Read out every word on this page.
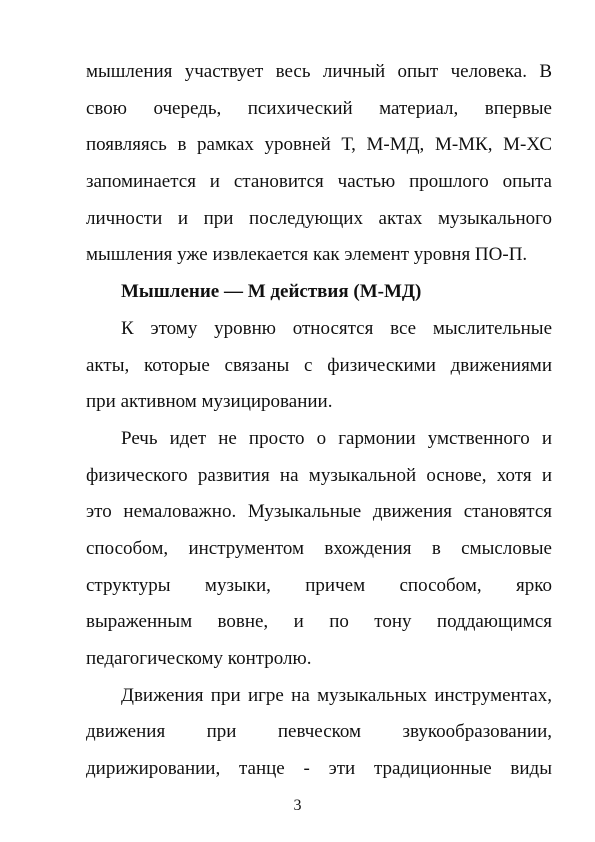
мышления участвует весь личный опыт человека. В
свою очередь, психический материал, впервые
появляясь в рамках уровней Т, М-МД, М-МК, М-ХС
запоминается и становится частью прошлого опыта
личности и при последующих актах музыкального
мышления уже извлекается как элемент уровня ПО-П.
Мышление — М действия (М-МД)
К этому уровню относятся все мыслительные
акты, которые связаны с физическими движениями
при активном музицировании.
Речь идет не просто о гармонии умственного и
физического развития на музыкальной основе, хотя и
это немаловажно. Музыкальные движения становятся
способом, инструментом вхождения в смысловые
структуры музыки, причем способом, ярко
выраженным вовне, и по тону поддающимся
педагогическому контролю.
Движения при игре на музыкальных инструментах,
движения при певческом звукообразовании,
дирижировании, танце - эти традиционные виды
3
